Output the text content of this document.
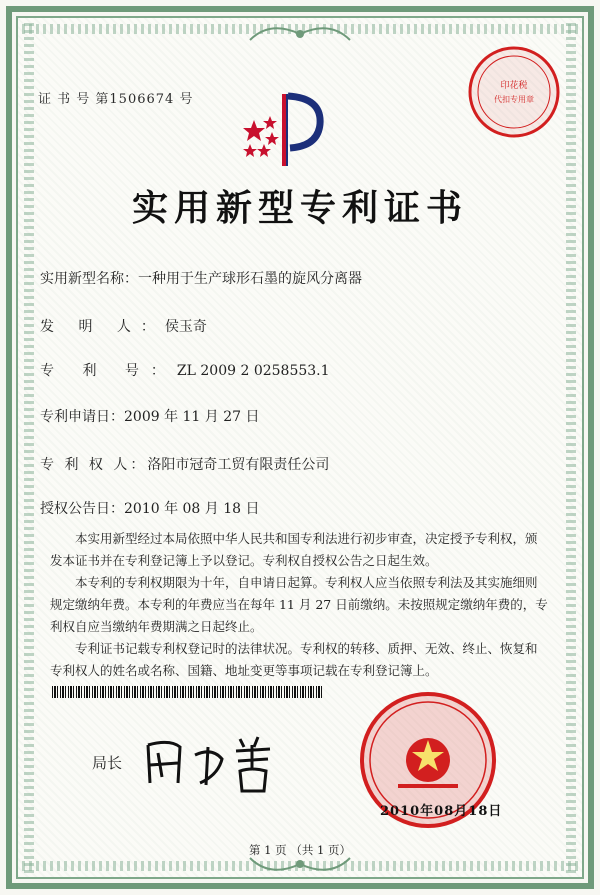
证 书 号 第1506674 号
实用新型专利证书
实用新型名称：一种用于生产球形石墨的旋风分离器
发 明 人：侯玉奇
专 利 号：ZL 2009 2 0258553.1
专利申请日：2009 年 11 月 27 日
专 利 权 人：洛阳市冠奇工贸有限责任公司
授权公告日：2010 年 08 月 18 日

本实用新型经过本局依照中华人民共和国专利法进行初步审查，决定授予专利权，颁

发本证书并在专利登记簿上予以登记。专利权自授权公告之日起生效。

本专利的专利权期限为十年，自申请日起算。专利权人应当依照专利法及其实施细则

规定缴纳年费。本专利的年费应当在每年 11 月 27 日前缴纳。未按照规定缴纳年费的，专

利权自应当缴纳年费期满之日起终止。

专利证书记载专利权登记时的法律状况。专利权的转移、质押、无效、终止、恢复和

专利权人的姓名或名称、国籍、地址变更等事项记载在专利登记簿上。

局长
2010年08月18日
印花税
代扣专用章
第 1 页 （共 1 页）
